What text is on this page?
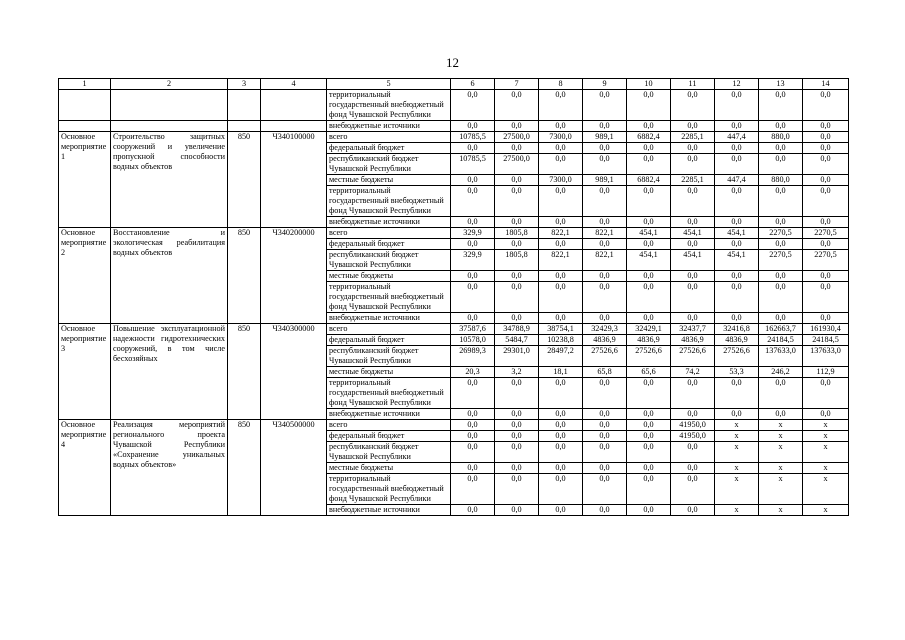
12
1	2	3	4	5	6	7	8	9	10	11	12	13	14
				территориальный государственный внебюджетный фонд Чувашской Республики	0,0	0,0	0,0	0,0	0,0	0,0	0,0	0,0	0,0
				внебюджетные источники	0,0	0,0	0,0	0,0	0,0	0,0	0,0	0,0	0,0
Основное мероприятие 1	Строительство защитных сооружений и увеличение пропускной способности водных объектов	850	Ч340100000	всего	10785,5	27500,0	7300,0	989,1	6882,4	2285,1	447,4	880,0	0,0
				федеральный бюджет	0,0	0,0	0,0	0,0	0,0	0,0	0,0	0,0	0,0
				республиканский бюджет Чувашской Республики	10785,5	27500,0	0,0	0,0	0,0	0,0	0,0	0,0	0,0
				местные бюджеты	0,0	0,0	7300,0	989,1	6882,4	2285,1	447,4	880,0	0,0
				территориальный государственный внебюджетный фонд Чувашской Республики	0,0	0,0	0,0	0,0	0,0	0,0	0,0	0,0	0,0
				внебюджетные источники	0,0	0,0	0,0	0,0	0,0	0,0	0,0	0,0	0,0
Основное мероприятие 2	Восстановление и экологическая реабилитация водных объектов	850	Ч340200000	всего	329,9	1805,8	822,1	822,1	454,1	454,1	454,1	2270,5	2270,5
				федеральный бюджет	0,0	0,0	0,0	0,0	0,0	0,0	0,0	0,0	0,0
				республиканский бюджет Чувашской Республики	329,9	1805,8	822,1	822,1	454,1	454,1	454,1	2270,5	2270,5
				местные бюджеты	0,0	0,0	0,0	0,0	0,0	0,0	0,0	0,0	0,0
				территориальный государственный внебюджетный фонд Чувашской Республики	0,0	0,0	0,0	0,0	0,0	0,0	0,0	0,0	0,0
				внебюджетные источники	0,0	0,0	0,0	0,0	0,0	0,0	0,0	0,0	0,0
Основное мероприятие 3	Повышение эксплуатационной надежности гидротехнических сооружений, в том числе бесхозяйных	850	Ч340300000	всего	37587,6	34788,9	38754,1	32429,3	32429,1	32437,7	32416,8	162663,7	161930,4
				федеральный бюджет	10578,0	5484,7	10238,8	4836,9	4836,9	4836,9	4836,9	24184,5	24184,5
				республиканский бюджет Чувашской Республики	26989,3	29301,0	28497,2	27526,6	27526,6	27526,6	27526,6	137633,0	137633,0
				местные бюджеты	20,3	3,2	18,1	65,8	65,6	74,2	53,3	246,2	112,9
				территориальный государственный внебюджетный фонд Чувашской Республики	0,0	0,0	0,0	0,0	0,0	0,0	0,0	0,0	0,0
				внебюджетные источники	0,0	0,0	0,0	0,0	0,0	0,0	0,0	0,0	0,0
Основное мероприятие 4	Реализация мероприятий регионального проекта Чувашской Республики «Сохранение уникальных водных объектов»	850	Ч340500000	всего	0,0	0,0	0,0	0,0	0,0	41950,0	x	x	x
				федеральный бюджет	0,0	0,0	0,0	0,0	0,0	41950,0	x	x	x
				республиканский бюджет Чувашской Республики	0,0	0,0	0,0	0,0	0,0	0,0	x	x	x
				местные бюджеты	0,0	0,0	0,0	0,0	0,0	0,0	x	x	x
				территориальный государственный внебюджетный фонд Чувашской Республики	0,0	0,0	0,0	0,0	0,0	0,0	x	x	x
				внебюджетные источники	0,0	0,0	0,0	0,0	0,0	0,0	x	x	x
